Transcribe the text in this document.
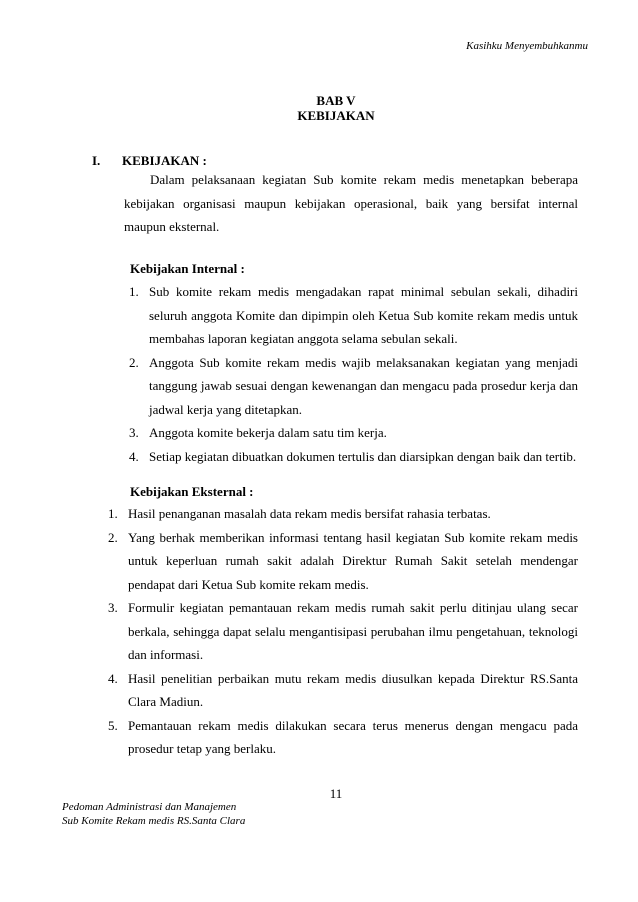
Kasihku Menyembuhkanmu
BAB V
KEBIJAKAN
I. KEBIJAKAN :

Dalam pelaksanaan kegiatan Sub komite rekam medis menetapkan beberapa kebijakan organisasi maupun kebijakan operasional, baik yang bersifat internal maupun eksternal.

Kebijakan Internal :
1. Sub komite rekam medis mengadakan rapat minimal sebulan sekali, dihadiri seluruh anggota Komite dan dipimpin oleh Ketua Sub komite rekam medis untuk membahas laporan kegiatan anggota selama sebulan sekali.
2. Anggota Sub komite rekam medis wajib melaksanakan kegiatan yang menjadi tanggung jawab sesuai dengan kewenangan dan mengacu pada prosedur kerja dan jadwal kerja yang ditetapkan.
3. Anggota komite bekerja dalam satu tim kerja.
4. Setiap kegiatan dibuatkan dokumen tertulis dan diarsipkan dengan baik dan tertib.
Kebijakan Eksternal :
1. Hasil penanganan masalah data rekam medis bersifat rahasia terbatas.
2. Yang berhak memberikan informasi tentang hasil kegiatan Sub komite rekam medis untuk keperluan rumah sakit adalah Direktur Rumah Sakit setelah mendengar pendapat dari Ketua Sub komite rekam medis.
3. Formulir kegiatan pemantauan rekam medis rumah sakit perlu ditinjau ulang secar berkala, sehingga dapat selalu mengantisipasi perubahan ilmu pengetahuan, teknologi dan informasi.
4. Hasil penelitian perbaikan mutu rekam medis diusulkan kepada Direktur RS.Santa Clara Madiun.
5. Pemantauan rekam medis dilakukan secara terus menerus dengan mengacu pada prosedur tetap yang berlaku.
11
Pedoman Administrasi dan Manajemen
Sub Komite Rekam medis RS.Santa Clara
